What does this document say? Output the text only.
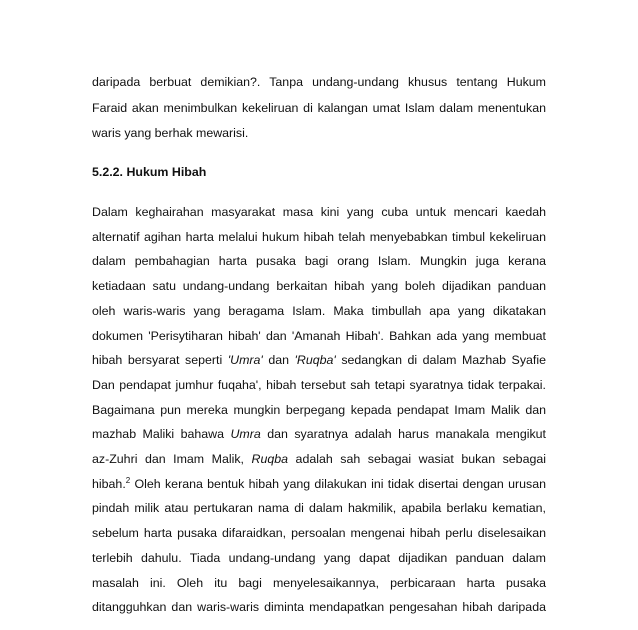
daripada berbuat demikian?. Tanpa undang-undang khusus tentang Hukum
Faraid akan menimbulkan kekeliruan di kalangan umat Islam dalam menentukan
waris yang berhak mewarisi.
5.2.2. Hukum Hibah
Dalam keghairahan masyarakat masa kini yang cuba untuk mencari kaedah
alternatif agihan harta melalui hukum hibah telah menyebabkan timbul kekeliruan
dalam pembahagian harta pusaka bagi orang Islam. Mungkin juga kerana
ketiadaan satu undang-undang berkaitan hibah yang boleh dijadikan panduan
oleh waris-waris yang beragama Islam. Maka timbullah apa yang dikatakan
dokumen 'Perisytiharan hibah' dan 'Amanah Hibah'. Bahkan ada yang membuat
hibah bersyarat seperti 'Umra' dan 'Ruqba' sedangkan di dalam Mazhab Syafie
Dan pendapat jumhur fuqaha', hibah tersebut sah tetapi syaratnya tidak terpakai.
Bagaimana pun mereka mungkin berpegang kepada pendapat Imam Malik dan
mazhab Maliki bahawa Umra dan syaratnya adalah harus manakala mengikut
az-Zuhri dan Imam Malik, Ruqba adalah sah sebagai wasiat bukan sebagai
hibah.$^2$ Oleh kerana bentuk hibah yang dilakukan ini tidak disertai dengan urusan
pindah milik atau pertukaran nama di dalam hakmilik, apabila berlaku kematian,
sebelum harta pusaka difaraidkan, persoalan mengenai hibah perlu diselesaikan
terlebih dahulu. Tiada undang-undang yang dapat dijadikan panduan dalam
masalah ini. Oleh itu bagi menyelesaikannya, perbicaraan harta pusaka
ditangguhkan dan waris-waris diminta mendapatkan pengesahan hibah daripada
